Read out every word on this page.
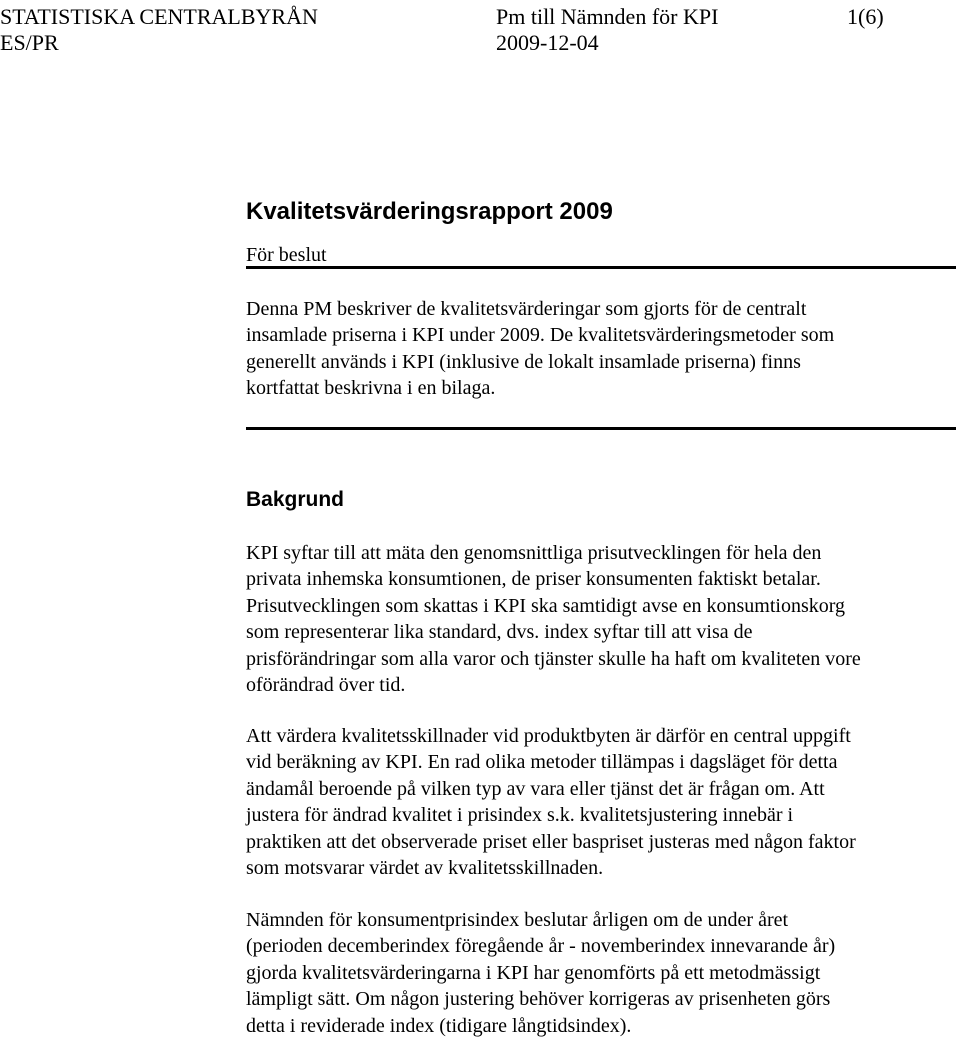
STATISTISKA CENTRALBYRÅN
ES/PR
Pm till Nämnden för KPI
2009-12-04
1(6)
Kvalitetsvärderingsrapport 2009
För beslut

Denna PM beskriver de kvalitetsvärderingar som gjorts för de centralt
insamlade priserna i KPI under 2009. De kvalitetsvärderingsmetoder som
generellt används i KPI (inklusive de lokalt insamlade priserna) finns
kortfattat beskrivna i en bilaga.

Bakgrund

KPI syftar till att mäta den genomsnittliga prisutvecklingen för hela den
privata inhemska konsumtionen, de priser konsumenten faktiskt betalar.
Prisutvecklingen som skattas i KPI ska samtidigt avse en konsumtionskorg
som representerar lika standard, dvs. index syftar till att visa de
prisförändringar som alla varor och tjänster skulle ha haft om kvaliteten vore
oförändrad över tid.

Att värdera kvalitetsskillnader vid produktbyten är därför en central uppgift
vid beräkning av KPI. En rad olika metoder tillämpas i dagsläget för detta
ändamål beroende på vilken typ av vara eller tjänst det är frågan om. Att
justera för ändrad kvalitet i prisindex s.k. kvalitetsjustering innebär i
praktiken att det observerade priset eller baspriset justeras med någon faktor
som motsvarar värdet av kvalitetsskillnaden.

Nämnden för konsumentprisindex beslutar årligen om de under året
(perioden decemberindex föregående år - novemberindex innevarande år)
gjorda kvalitetsvärderingarna i KPI har genomförts på ett metodmässigt
lämpligt sätt. Om någon justering behöver korrigeras av prisenheten görs
detta i reviderade index (tidigare långtidsindex).
